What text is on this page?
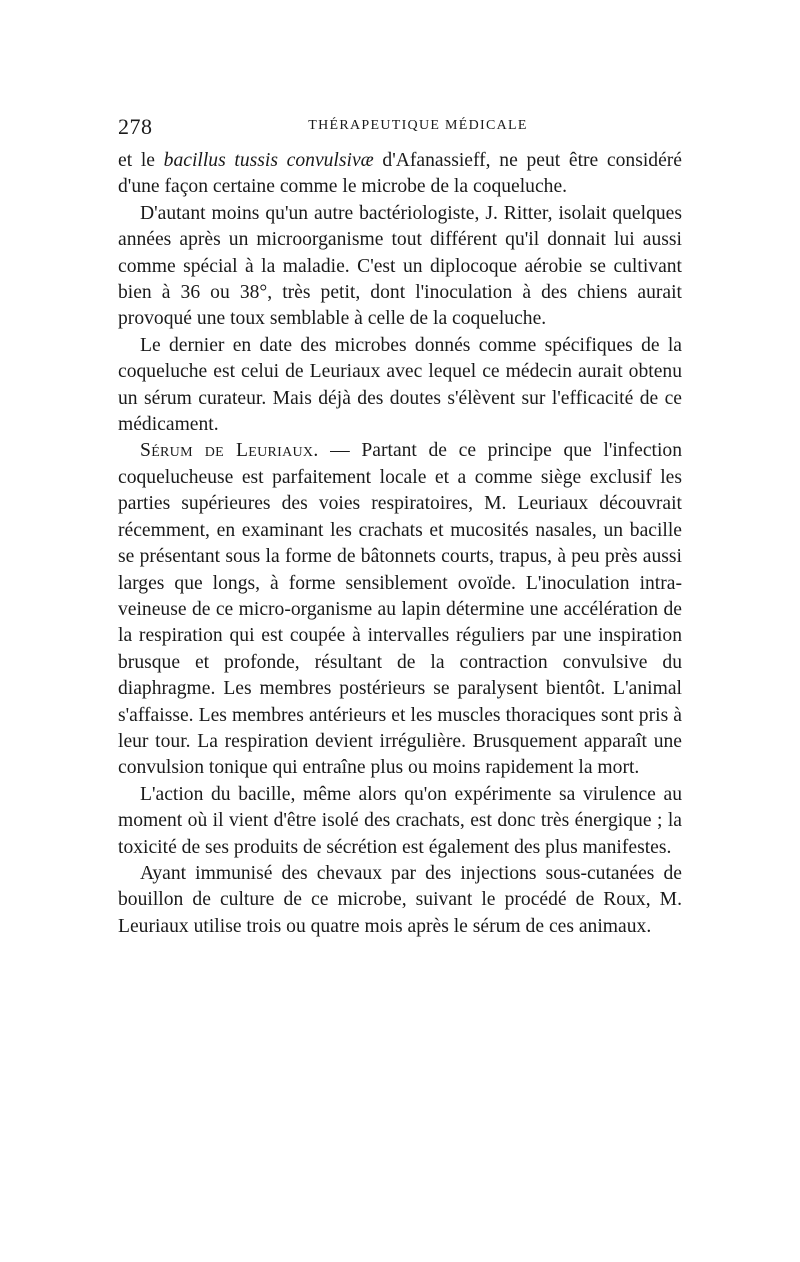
278	THÉRAPEUTIQUE MÉDICALE

et le bacillus tussis convulsivæ d'Afanassieff, ne peut être considéré d'une façon certaine comme le microbe de la coqueluche.

D'autant moins qu'un autre bactériologiste, J. Ritter, isolait quelques années après un microorganisme tout différent qu'il donnait lui aussi comme spécial à la maladie. C'est un diplocoque aérobie se cultivant bien à 36 ou 38°, très petit, dont l'inoculation à des chiens aurait provoqué une toux semblable à celle de la coqueluche.

Le dernier en date des microbes donnés comme spécifiques de la coqueluche est celui de Leuriaux avec lequel ce médecin aurait obtenu un sérum curateur. Mais déjà des doutes s'élèvent sur l'efficacité de ce médicament.

Sérum de Leuriaux. — Partant de ce principe que l'infection coquelucheuse est parfaitement locale et a comme siège exclusif les parties supérieures des voies respiratoires, M. Leuriaux découvrait récemment, en examinant les crachats et mucosités nasales, un bacille se présentant sous la forme de bâtonnets courts, trapus, à peu près aussi larges que longs, à forme sensiblement ovoïde. L'inoculation intra-veineuse de ce micro-organisme au lapin détermine une accélération de la respiration qui est coupée à intervalles réguliers par une inspiration brusque et profonde, résultant de la contraction convulsive du diaphragme. Les membres postérieurs se paralysent bientôt. L'animal s'affaisse. Les membres antérieurs et les muscles thoraciques sont pris à leur tour. La respiration devient irrégulière. Brusquement apparaît une convulsion tonique qui entraîne plus ou moins rapidement la mort.

L'action du bacille, même alors qu'on expérimente sa virulence au moment où il vient d'être isolé des crachats, est donc très énergique ; la toxicité de ses produits de sécrétion est également des plus manifestes.

Ayant immunisé des chevaux par des injections sous-cutanées de bouillon de culture de ce microbe, suivant le procédé de Roux, M. Leuriaux utilise trois ou quatre mois après le sérum de ces animaux.
